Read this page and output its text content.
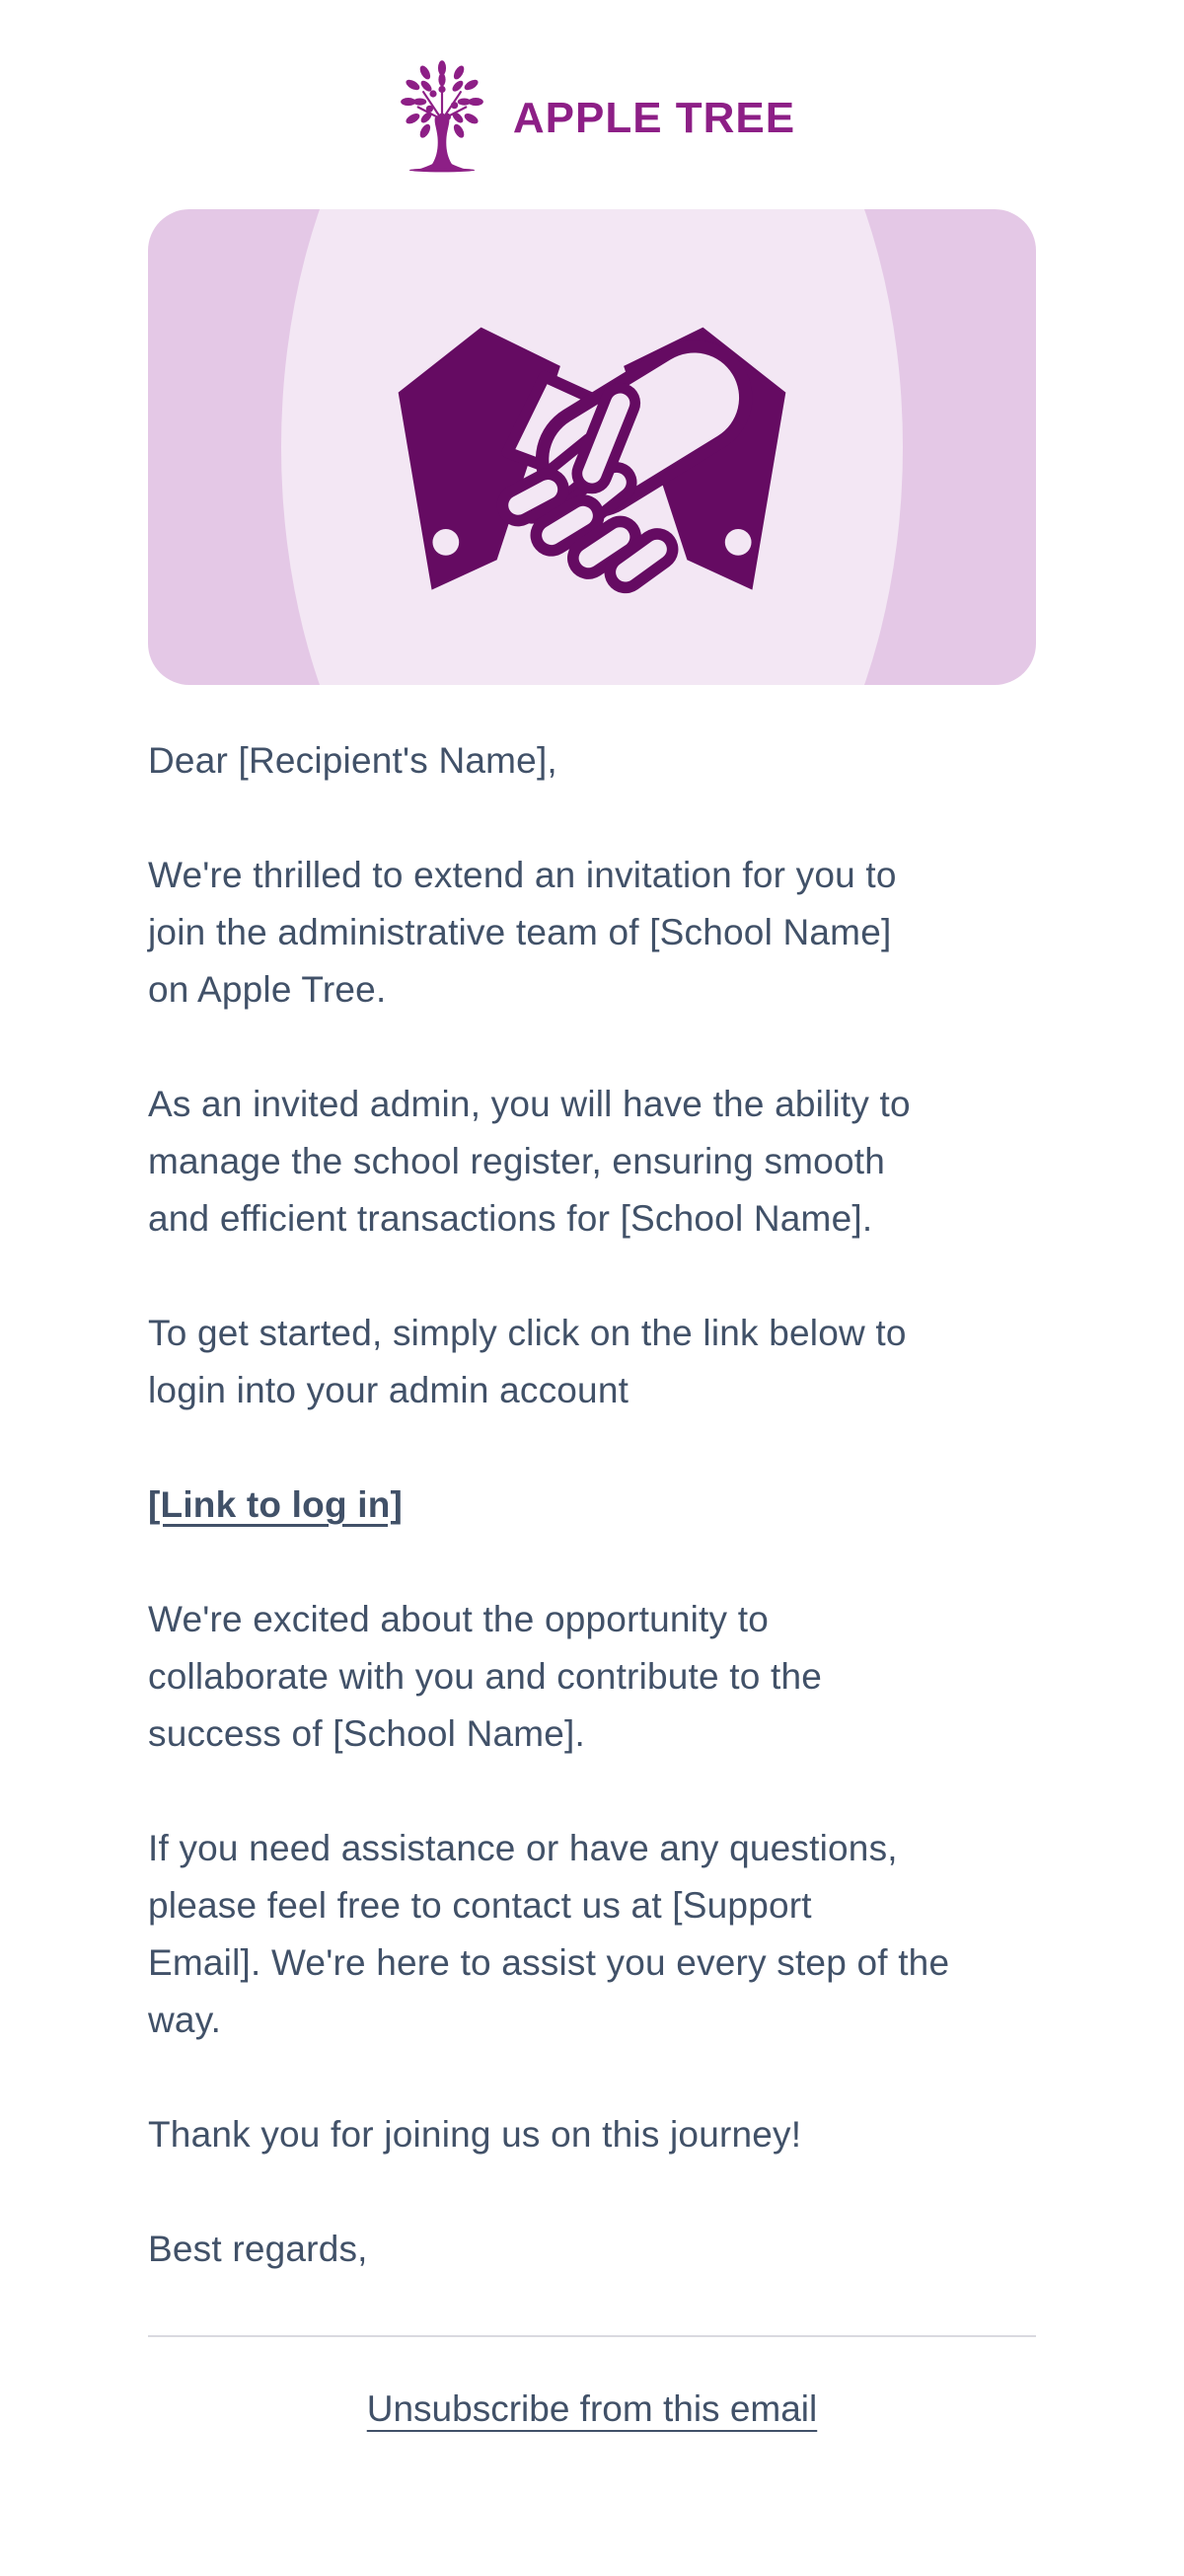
APPLE TREE

Dear [Recipient's Name],

We're thrilled to extend an invitation for you to
join the administrative team of [School Name]
on Apple Tree.

As an invited admin, you will have the ability to
manage the school register, ensuring smooth
and efficient transactions for [School Name].

To get started, simply click on the link below to
login into your admin account

[Link to log in]

We're excited about the opportunity to
collaborate with you and contribute to the
success of [School Name].

If you need assistance or have any questions,
please feel free to contact us at [Support
Email]. We're here to assist you every step of the
way.

Thank you for joining us on this journey!

Best regards,

Unsubscribe from this email
